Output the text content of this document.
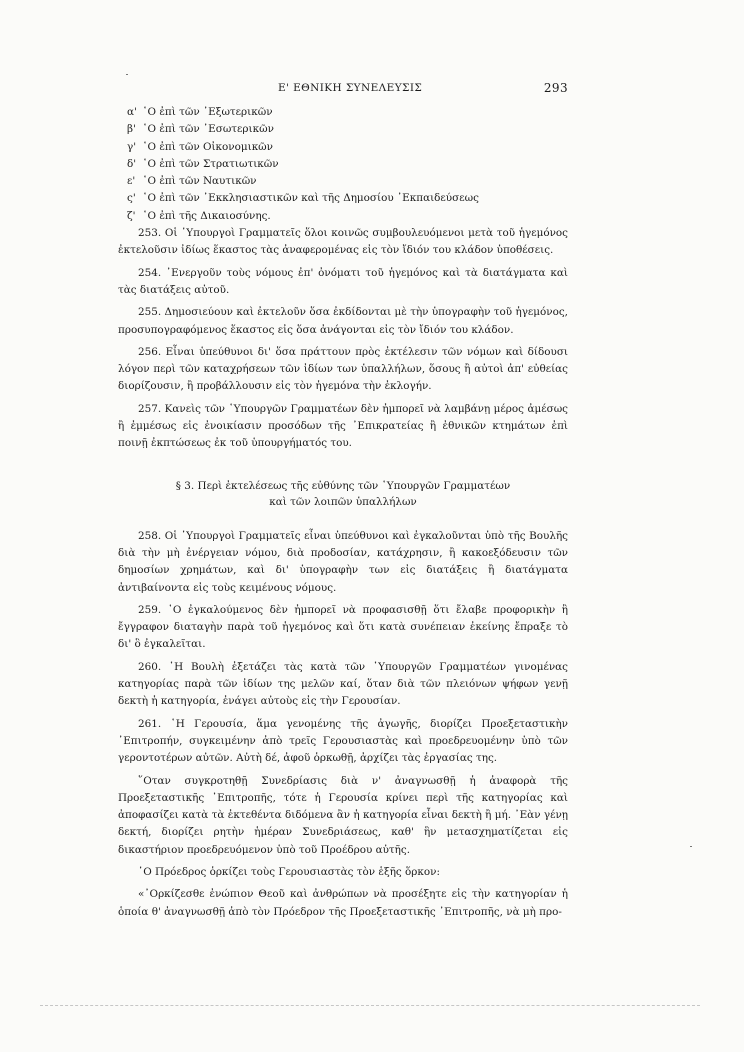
Ε' ΕΘΝΙΚΗ ΣΥΝΕΛΕΥΣΙΣ	293
α' ῾Ο ἐπὶ τῶν ᾿Εξωτερικῶν
β' ῾Ο ἐπὶ τῶν ᾿Εσωτερικῶν
γ' ῾Ο ἐπὶ τῶν Οἰκονομικῶν
δ' ῾Ο ἐπὶ τῶν Στρατιωτικῶν
ε' ῾Ο ἐπὶ τῶν Ναυτικῶν
ς' ῾Ο ἐπὶ τῶν ᾿Εκκλησιαστικῶν καὶ τῆς Δημοσίου ᾿Εκπαιδεύσεως
ζ' ῾Ο ἐπὶ τῆς Δικαιοσύνης.

253. Οἱ ῾Υπουργοὶ Γραμματεῖς ὅλοι κοινῶς συμβουλευόμενοι μετὰ τοῦ ἡγεμόνος ἐκτελοῦσιν ἰδίως ἕκαστος τὰς ἀναφερομένας εἰς τὸν ἴδιόν του κλάδον ὑποθέσεις.

254. ᾿Ενεργοῦν τοὺς νόμους ἐπ' ὀνόματι τοῦ ἡγεμόνος καὶ τὰ διατάγματα καὶ τὰς διατάξεις αὐτοῦ.

255. Δημοσιεύουν καὶ ἐκτελοῦν ὅσα ἐκδίδονται μὲ τὴν ὑπογραφὴν τοῦ ἡγεμόνος, προσυπογραφόμενος ἕκαστος εἰς ὅσα ἀνάγονται εἰς τὸν ἴδιόν του κλάδον.

256. Εἶναι ὑπεύθυνοι δι' ὅσα πράττουν πρὸς ἐκτέλεσιν τῶν νόμων καὶ δίδουσι λόγον περὶ τῶν καταχρήσεων τῶν ἰδίων των ὑπαλλήλων, ὅσους ἢ αὐτοὶ ἀπ' εὐθείας διορίζουσιν, ἢ προβάλλουσιν εἰς τὸν ἡγεμόνα τὴν ἐκλογήν.

257. Κανεὶς τῶν ῾Υπουργῶν Γραμματέων δὲν ἠμπορεῖ νὰ λαμβάνῃ μέρος ἀμέσως ἢ ἐμμέσως εἰς ἐνοικίασιν προσόδων τῆς ᾿Επικρατείας ἢ ἐθνικῶν κτημάτων ἐπὶ ποινῇ ἐκπτώσεως ἐκ τοῦ ὑπουργήματός του.

§ 3. Περὶ ἐκτελέσεως τῆς εὐθύνης τῶν ῾Υπουργῶν Γραμματέων
καὶ τῶν λοιπῶν ὑπαλλήλων

258. Οἱ ῾Υπουργοὶ Γραμματεῖς εἶναι ὑπεύθυνοι καὶ ἐγκαλοῦνται ὑπὸ τῆς Βουλῆς διὰ τὴν μὴ ἐνέργειαν νόμου, διὰ προδοσίαν, κατάχρησιν, ἢ κακοεξόδευσιν τῶν δημοσίων χρημάτων, καὶ δι' ὑπογραφὴν των εἰς διατάξεις ἢ διατάγματα ἀντιβαίνοντα εἰς τοὺς κειμένους νόμους.

259. ῾Ο ἐγκαλούμενος δὲν ἠμπορεῖ νὰ προφασισθῇ ὅτι ἔλαβε προφορικὴν ἢ ἔγγραφον διαταγὴν παρὰ τοῦ ἡγεμόνος καὶ ὅτι κατὰ συνέπειαν ἐκείνης ἔπραξε τὸ δι' ὃ ἐγκαλεῖται.

260. ῾Η Βουλὴ ἐξετάζει τὰς κατὰ τῶν ῾Υπουργῶν Γραμματέων γινομένας κατηγορίας παρὰ τῶν ἰδίων της μελῶν καί, ὅταν διὰ τῶν πλειόνων ψήφων γενῇ δεκτὴ ἡ κατηγορία, ἐνάγει αὐτοὺς εἰς τὴν Γερουσίαν.

261. ῾Η Γερουσία, ἅμα γενομένης τῆς ἀγωγῆς, διορίζει Προεξεταστικὴν ᾿Επιτροπήν, συγκειμένην ἀπὸ τρεῖς Γερουσιαστὰς καὶ προεδρευομένην ὑπὸ τῶν γεροντοτέρων αὐτῶν. Αὐτὴ δέ, ἀφοῦ ὁρκωθῇ, ἀρχίζει τὰς ἐργασίας της.

῞Οταν συγκροτηθῇ Συνεδρίασις διὰ ν' ἀναγνωσθῇ ἡ ἀναφορὰ τῆς Προεξεταστικῆς ᾿Επιτροπῆς, τότε ἡ Γερουσία κρίνει περὶ τῆς κατηγορίας καὶ ἀποφασίζει κατὰ τὰ ἐκτεθέντα διδόμενα ἂν ἡ κατηγορία εἶναι δεκτὴ ἢ μή. ᾿Εὰν γένῃ δεκτή, διορίζει ρητὴν ἡμέραν Συνεδριάσεως, καθ' ἣν μετασχηματίζεται εἰς δικαστήριον προεδρευόμενον ὑπὸ τοῦ Προέδρου αὐτῆς.

῾Ο Πρόεδρος ὁρκίζει τοὺς Γερουσιαστὰς τὸν ἑξῆς ὅρκον:

«᾿Ορκίζεσθε ἐνώπιον Θεοῦ καὶ ἀνθρώπων νὰ προσέξητε εἰς τὴν κατηγορίαν ἡ ὁποία θ' ἀναγνωσθῇ ἀπὸ τὸν Πρόεδρον τῆς Προεξεταστικῆς ᾿Επιτροπῆς, νὰ μὴ προ-
